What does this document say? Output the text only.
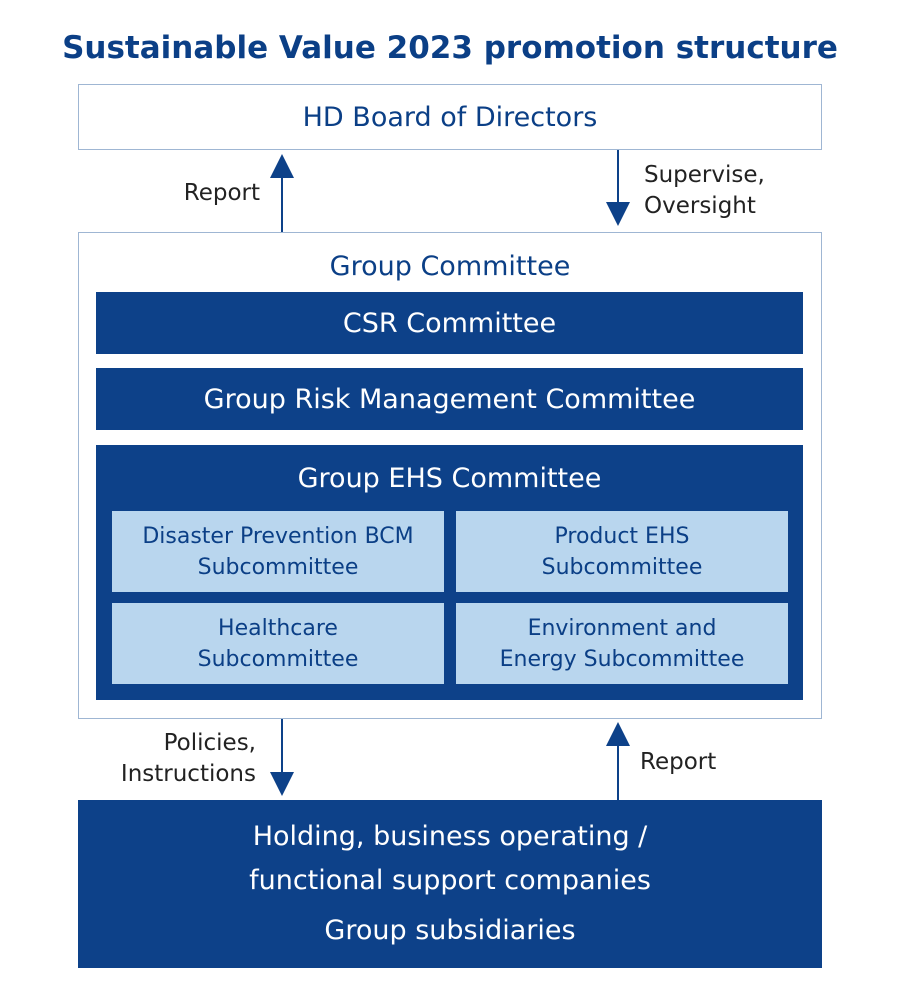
Sustainable Value 2023 promotion structure
HD Board of Directors
Report
Supervise,
Oversight
Group Committee
CSR Committee
Group Risk Management Committee
Group EHS Committee
Disaster Prevention BCM
Subcommittee
Product EHS
Subcommittee
Healthcare
Subcommittee
Environment and
Energy Subcommittee
Policies,
Instructions	Report
Holding, business operating /
functional support companies
Group subsidiaries
